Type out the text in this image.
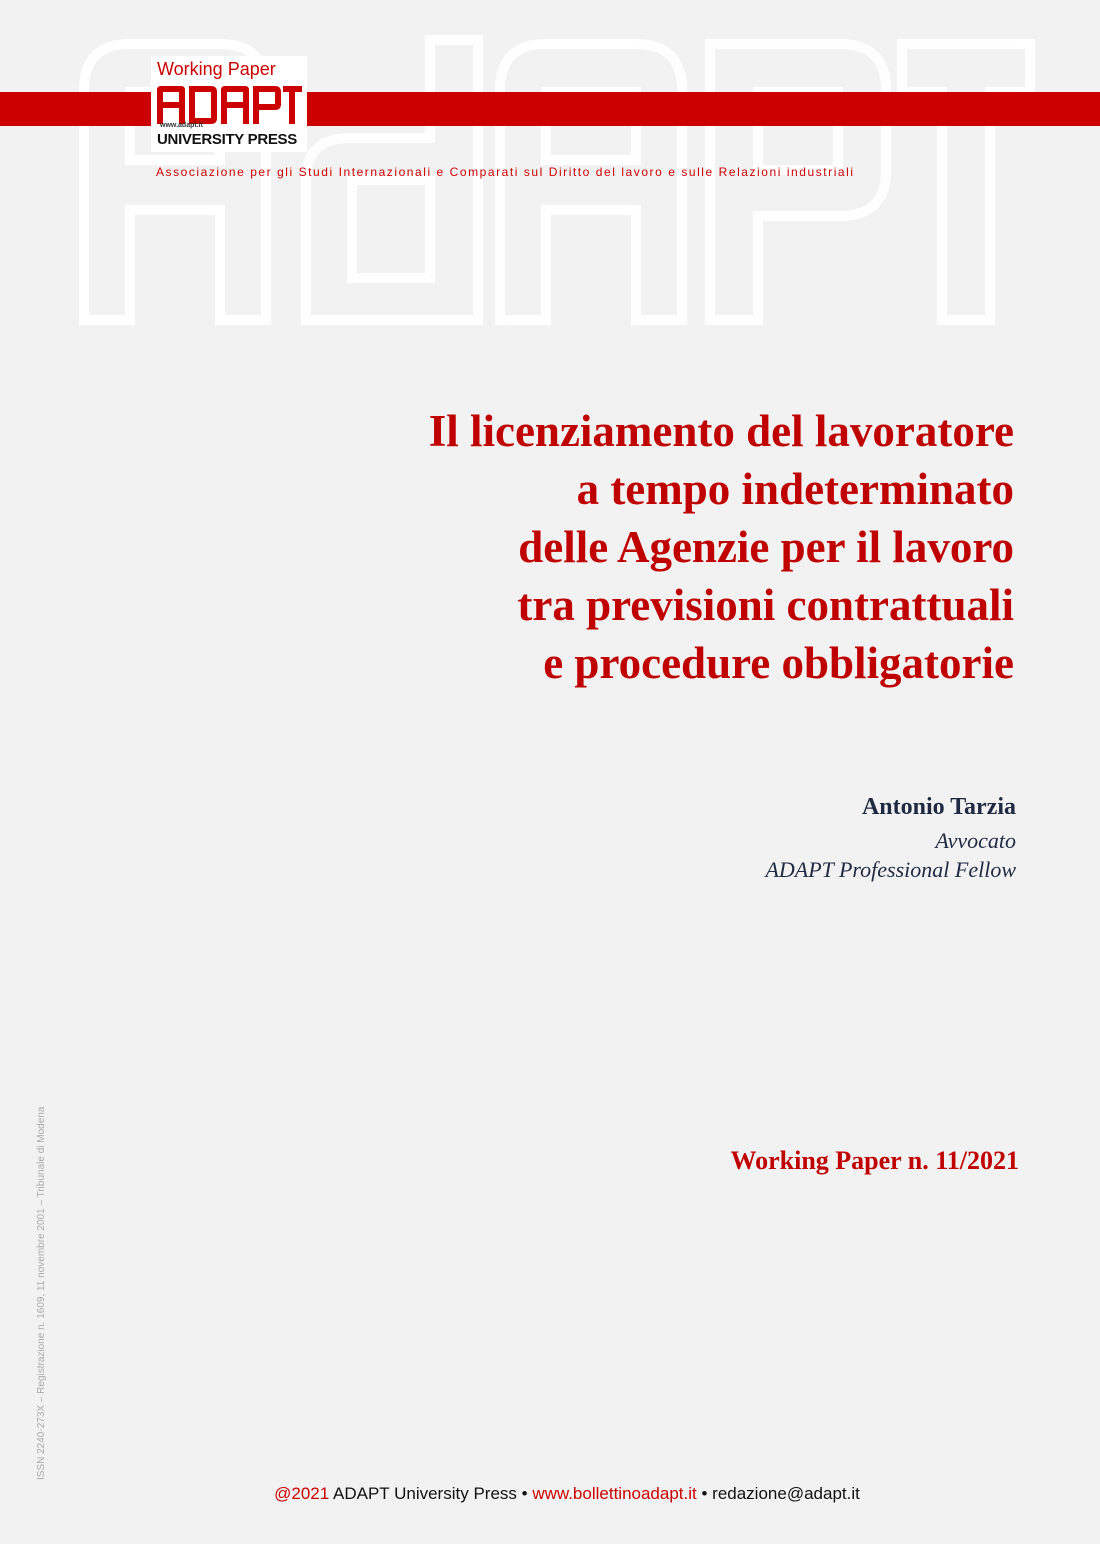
Working Paper
www.adapt.it
UNIVERSITY PRESS
Associazione per gli Studi Internazionali e Comparati sul Diritto del lavoro e sulle Relazioni industriali
Il licenziamento del lavoratore
a tempo indeterminato
delle Agenzie per il lavoro
tra previsioni contrattuali
e procedure obbligatorie
Antonio Tarzia
Avvocato
ADAPT Professional Fellow
Working Paper n. 11/2021
ISSN 2240-273X – Registrazione n. 1609, 11 novembre 2001 – Tribunale di Modena
@2021 ADAPT University Press • www.bollettinoadapt.it • redazione@adapt.it
